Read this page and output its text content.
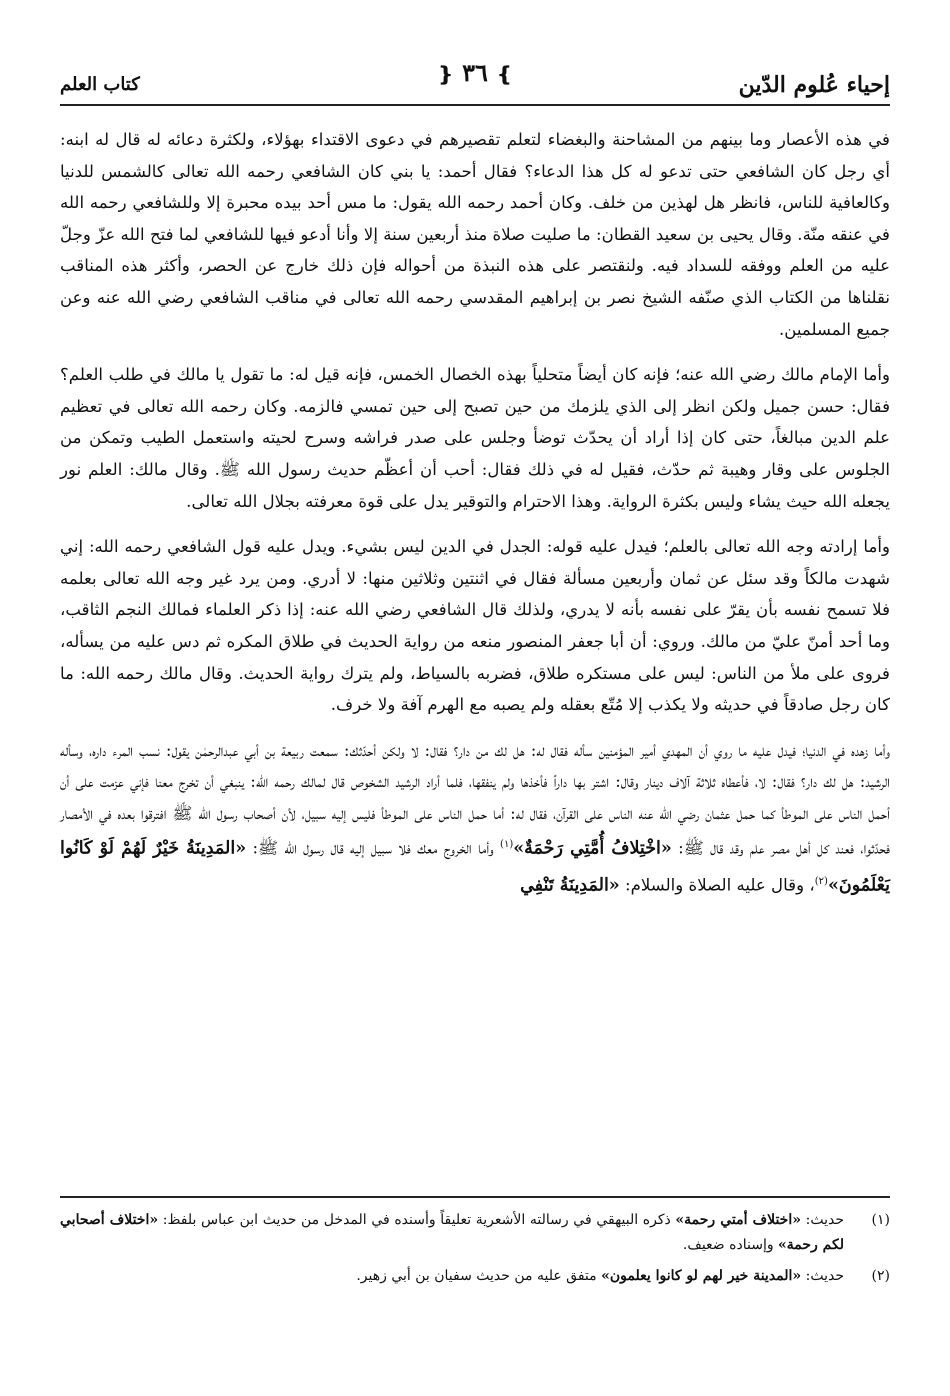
إحياء عُلوم الدّين
❵ ٣٦ ❴
كتاب العلم

في هذه الأعصار وما بينهم من المشاحنة والبغضاء لتعلم تقصيرهم في دعوى الاقتداء بهؤلاء، ولكثرة دعائه له قال له ابنه: أي رجل كان الشافعي حتى تدعو له كل هذا الدعاء؟ فقال أحمد: يا بني كان الشافعي رحمه الله تعالى كالشمس للدنيا وكالعافية للناس، فانظر هل لهذين من خلف. وكان أحمد رحمه الله يقول: ما مس أحد بيده محبرة إلا وللشافعي رحمه الله في عنقه منّة. وقال يحيى بن سعيد القطان: ما صليت صلاة منذ أربعين سنة إلا وأنا أدعو فيها للشافعي لما فتح الله عزّ وجلّ عليه من العلم ووفقه للسداد فيه. ولنقتصر على هذه النبذة من أحواله فإن ذلك خارج عن الحصر، وأكثر هذه المناقب نقلناها من الكتاب الذي صنّفه الشيخ نصر بن إبراهيم المقدسي رحمه الله تعالى في مناقب الشافعي رضي الله عنه وعن جميع المسلمين.

وأما الإمام مالك رضي الله عنه؛ فإنه كان أيضاً متحلياً بهذه الخصال الخمس، فإنه قيل له: ما تقول يا مالك في طلب العلم؟ فقال: حسن جميل ولكن انظر إلى الذي يلزمك من حين تصبح إلى حين تمسي فالزمه. وكان رحمه الله تعالى في تعظيم علم الدين مبالغاً، حتى كان إذا أراد أن يحدّث توضأ وجلس على صدر فراشه وسرح لحيته واستعمل الطيب وتمكن من الجلوس على وقار وهيبة ثم حدّث، فقيل له في ذلك فقال: أحب أن أعظّم حديث رسول الله ﷺ. وقال مالك: العلم نور يجعله الله حيث يشاء وليس بكثرة الرواية. وهذا الاحترام والتوقير يدل على قوة معرفته بجلال الله تعالى.

وأما إرادته وجه الله تعالى بالعلم؛ فيدل عليه قوله: الجدل في الدين ليس بشيء. ويدل عليه قول الشافعي رحمه الله: إني شهدت مالكاً وقد سئل عن ثمان وأربعين مسألة فقال في اثنتين وثلاثين منها: لا أدري. ومن يرد غير وجه الله تعالى بعلمه فلا تسمح نفسه بأن يقرّ على نفسه بأنه لا يدري، ولذلك قال الشافعي رضي الله عنه: إذا ذكر العلماء فمالك النجم الثاقب، وما أحد أمنّ عليّ من مالك. وروي: أن أبا جعفر المنصور منعه من رواية الحديث في طلاق المكره ثم دس عليه من يسأله، فروى على ملأ من الناس: ليس على مستكره طلاق، فضربه بالسياط، ولم يترك رواية الحديث. وقال مالك رحمه الله: ما كان رجل صادقاً في حديثه ولا يكذب إلا مُتّع بعقله ولم يصبه مع الهرم آفة ولا خرف.

وأما زهده في الدنيا؛ فيدل عليه ما روي أن المهدي أمير المؤمنين سأله فقال له: هل لك من دار؟ فقال: لا ولكن أحدّثك: سمعت ربيعة بن أبي عبدالرحمٰن يقول: نسب المرء داره، وسأله الرشيد: هل لك دار؟ فقال: لا، فأعطاه ثلاثة آلاف دينار وقال: اشتر بها داراً فأخذها ولم ينفقها، فلما أراد الرشيد الشخوص قال لمالك رحمه الله: ينبغي أن تخرج معنا فإني عزمت على أن أحمل الناس على الموطأ كما حمل عثمان رضي الله عنه الناس على القرآن، فقال له: أما حمل الناس على الموطأ فليس إليه سبيل، لأن أصحاب رسول الله ﷺ افترقوا بعده في الأمصار فحدّثوا، فعند كل أهل مصر علم وقد قال ﷺ: «اخْتِلافُ أُمَّتِي رَحْمَةٌ»$^{(١)}$ وأما الخروج معك فلا سبيل إليه قال رسول الله ﷺ: «المَدِينَةُ خَيْرٌ لَهُمْ لَوْ كَانُوا يَعْلَمُونَ»$^{(٢)}$، وقال عليه الصلاة والسلام: «المَدِينَةُ تَنْفِي

(١)
حديث: «اختلاف أمتي رحمة» ذكره البيهقي في رسالته الأشعرية تعليقاً وأسنده في المدخل من حديث ابن عباس بلفظ: «اختلاف أصحابي لكم رحمة» وإسناده ضعيف.
(٢)
حديث: «المدينة خير لهم لو كانوا يعلمون» متفق عليه من حديث سفيان بن أبي زهير.
